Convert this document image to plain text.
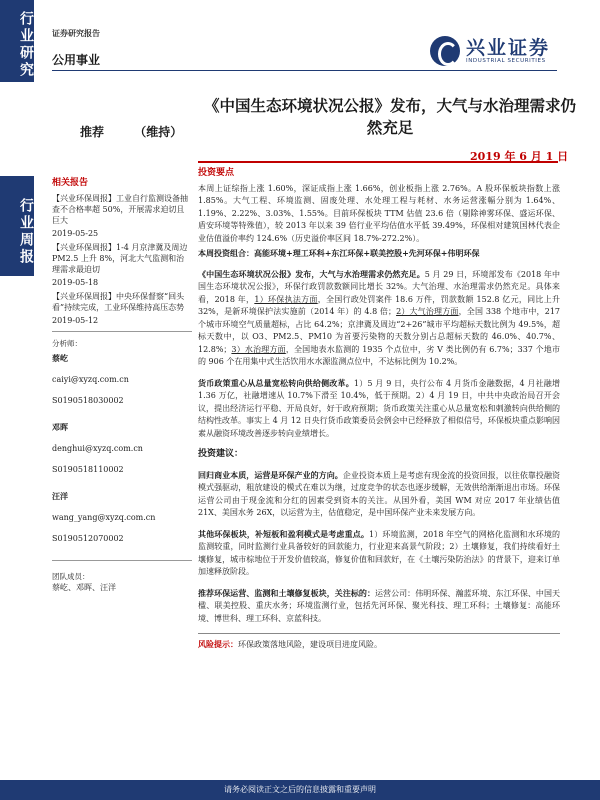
行业研究
行业周报
证券研究报告
公用事业
兴业证券
INDUSTRIAL SECURITIES
《中国生态环境状况公报》发布，大气与水治理需求仍然充足
推荐	（维持）
2019 年 6 月 1 日
相关报告
【兴业环保周报】工业自行监测设备抽查不合格率超 50%，开展需求迫切且巨大
2019-05-25
【兴业环保周报】1-4 月京津冀及周边 PM2.5 上升 8%，河北大气监测和治理需求最迫切
2019-05-18
【兴业环保周报】中央环保督察“回头看”持续完成，工业环保维持高压态势
2019-05-12
分析师：
蔡屹
caiyi@xyzq.com.cn
S0190518030002
邓晖
denghui@xyzq.com.cn
S0190518110002
汪洋
wang_yang@xyzq.com.cn
S0190512070002
团队成员：
蔡屹、邓晖、汪洋
投资要点

本周上证综指上涨 1.60%，深证成指上涨 1.66%，创业板指上涨 2.76%。A 股环保板块指数上涨 1.85%。大气工程、环境监测、固废处理、水处理工程与耗材、水务运营涨幅分别为 1.64%、1.19%、2.22%、3.03%、1.55%。目前环保板块 TTM 估值 23.6 倍（剔除神雾环保、盛运环保、盾安环境等特殊值），较 2013 年以来 39 倍行业平均估值水平低 39.49%，环保相对建筑国林代表企业估值溢价率约 124.6%（历史溢价率区间 18.7%-272.2%）。

本周投资组合：高能环境+理工环科+东江环保+联美控股+先河环保+伟明环保

《中国生态环境状况公报》发布，大气与水治理需求仍然充足。5 月 29 日，环境部发布《2018 年中国生态环境状况公报》，环保行政罚款数额同比增长 32%。大气治理、水治理需求仍然充足。具体来看，2018 年，1）环保执法方面，全国行政处罚案件 18.6 万件，罚款数额 152.8 亿元，同比上升 32%，是新环境保护法实施前（2014 年）的 4.8 倍；2）大气治理方面，全国 338 个地市中，217 个城市环境空气质量超标，占比 64.2%；京津冀及周边“2+26”城市平均超标天数比例为 49.5%，超标天数中，以 O3、PM2.5、PM10 为首要污染物的天数分别占总超标天数的 46.0%、40.7%、12.8%；3）水治理方面，全国地表水监测的 1935 个点位中，劣 V 类比例仍有 6.7%；337 个地市的 906 个在用集中式生活饮用水水源监测点位中，不达标比例为 10.2%。

货币政策重心从总量宽松转向供给侧改革。1）5 月 9 日，央行公布 4 月货币金融数据，4 月社融增 1.36 万亿，社融增速从 10.7%下滑至 10.4%，低于预期。2）4 月 19 日，中共中央政治局召开会议，提出经济运行平稳、开局良好，好于政府预期；货币政策关注重心从总量宽松和刺激转向供给侧的结构性改革。事实上 4 月 12 日央行货币政策委员会例会中已经释放了相似信号，环保板块重点影响因素从融资环境改善逐步转向业绩增长。

投资建议：

回归商业本质，运营是环保产业的方向。企业投资本质上是考虑有现金流的投资回报，以往依靠投融资模式强驱动，粗放建设的模式在难以为继，过度竞争的状态也逐步缓解，无效供给渐渐退出市场。环保运营公司由于现金流和分红的因素受到资本的关注。从国外看，美国 WM 对应 2017 年业绩估值 21X、美国水务 26X，以运营为主，估值稳定，是中国环保产业未来发展方向。

其他环保板块，补短板和盈利模式是考虑重点。1）环境监测，2018 年空气的网格化监测和水环境的监测较重，同时监测行业具备较好的回款能力，行业迎来高景气阶段；2）土壤修复，我们持续看好土壤修复，城市棕地位于开发价值较高，修复价值和回款好，在《土壤污染防治法》的背景下，迎来订单加速释放阶段。

推荐环保运营、监测和土壤修复板块，关注标的：运营公司：伟明环保、瀚蓝环境、东江环保、中国天楹、联美控股、重庆水务；环境监测行业，包括先河环保、聚光科技、理工环科；土壤修复：高能环境、博世科、理工环科、京蓝科技。

风险提示：环保政策落地风险，建设项目进度风险。

请务必阅读正文之后的信息披露和重要声明
